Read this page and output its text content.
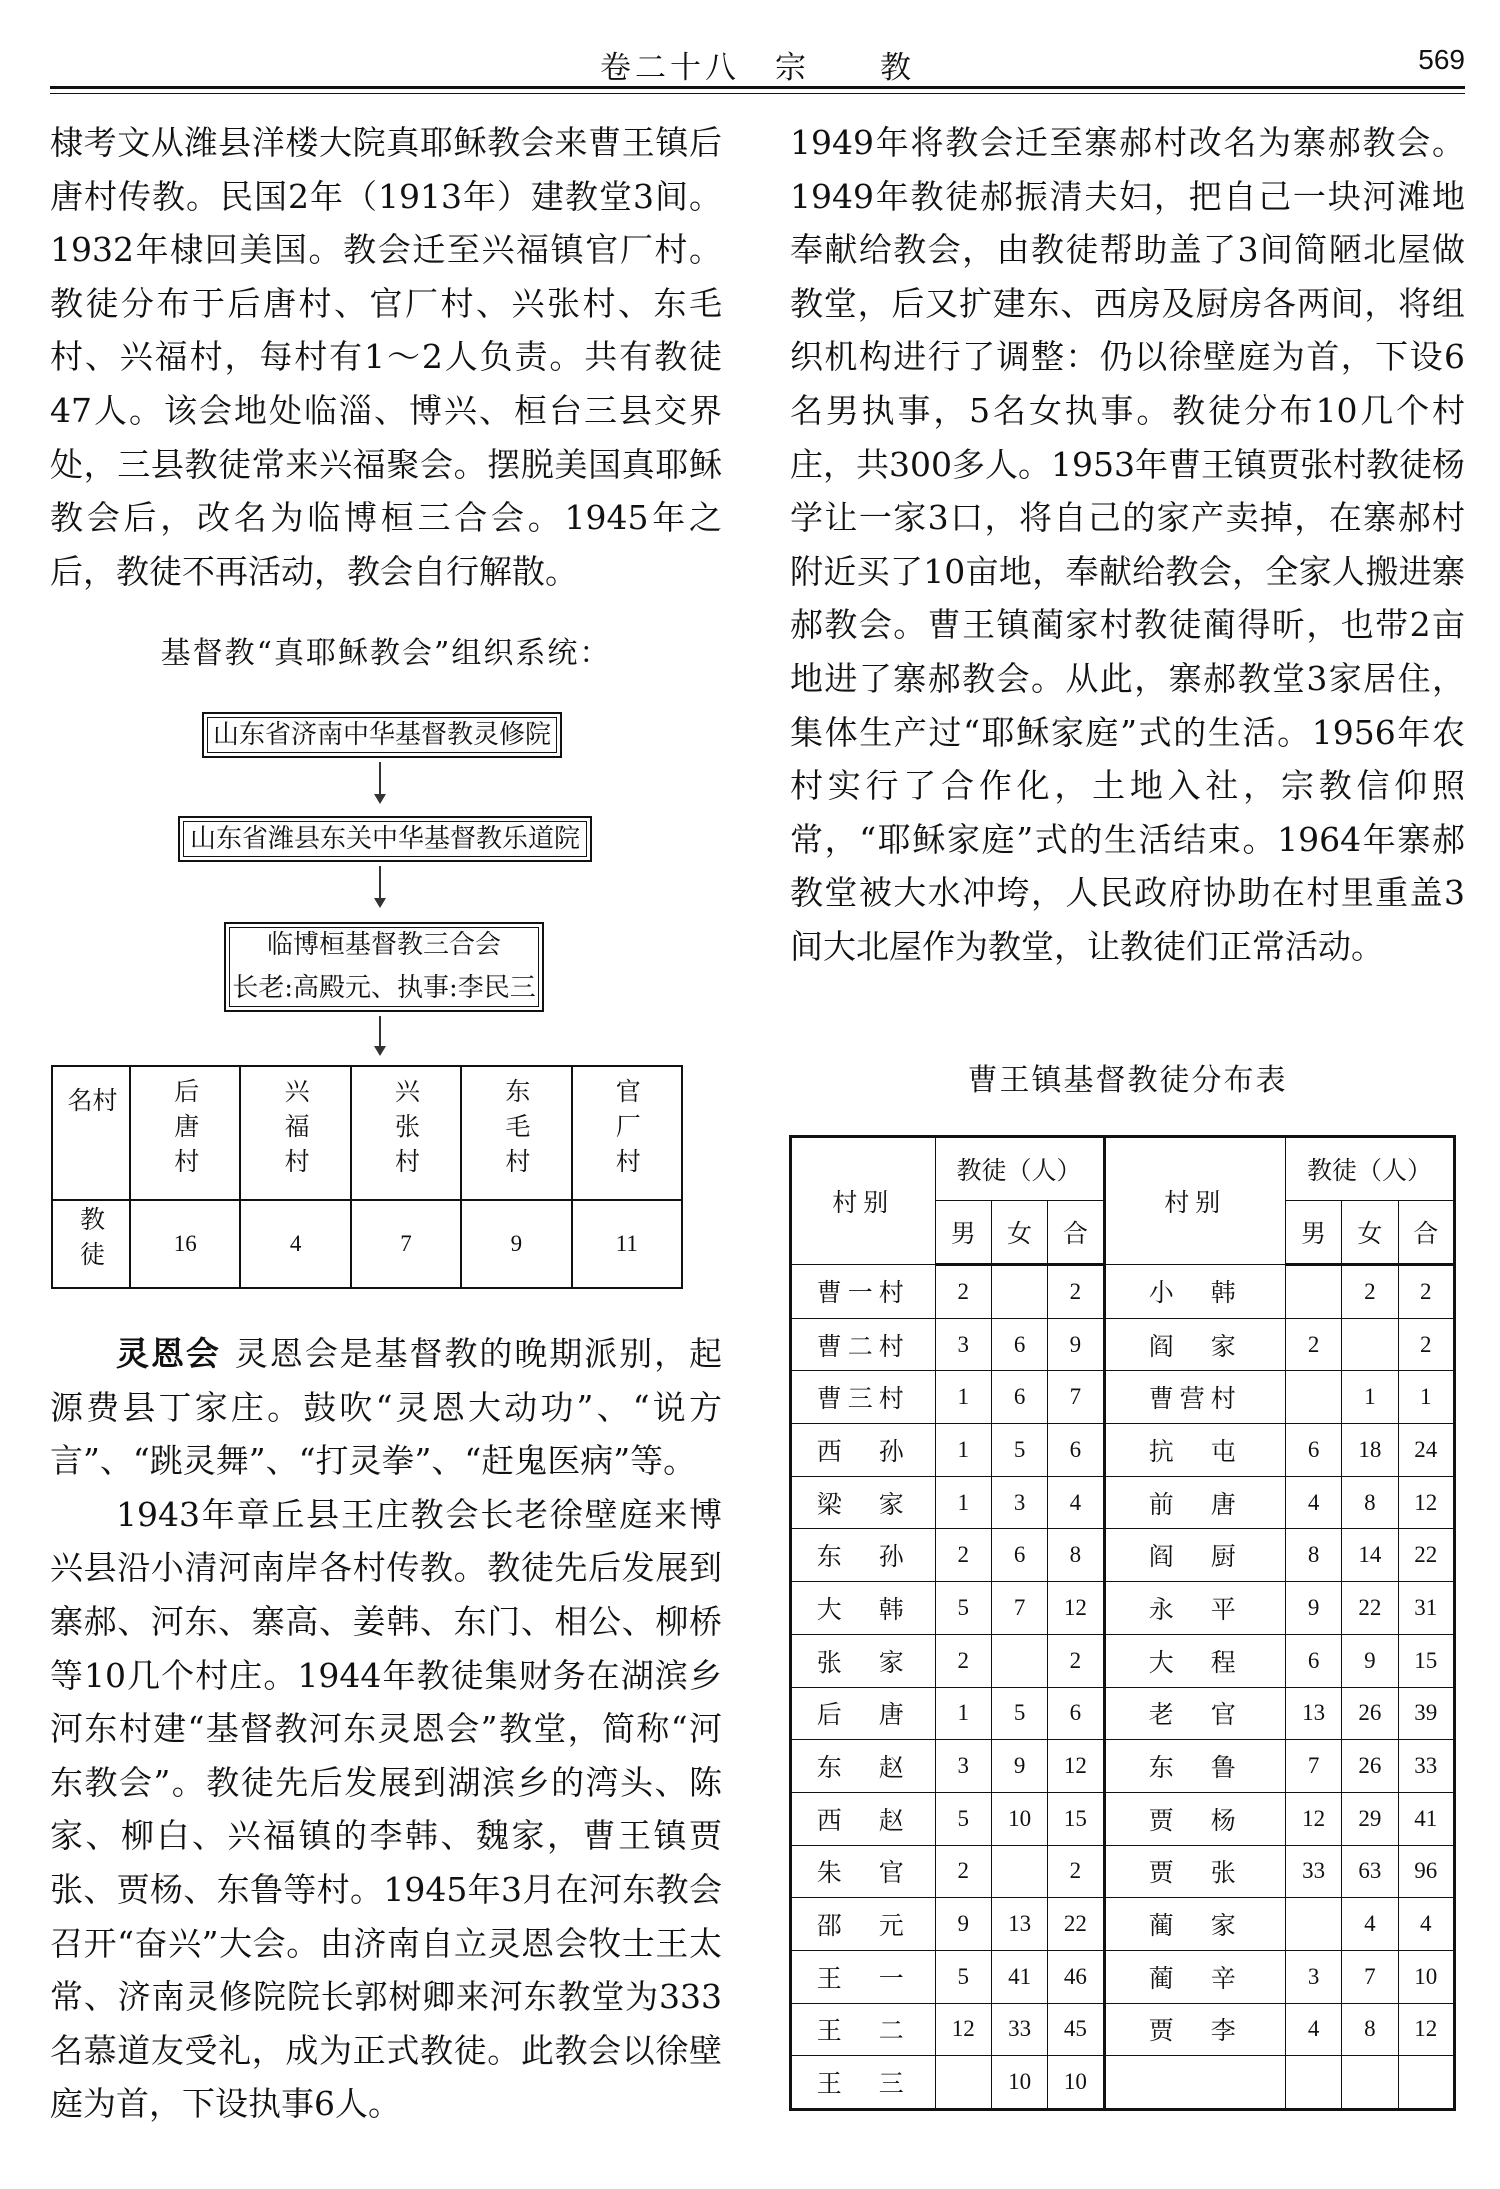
卷二十八　宗　　教	569

棣考文从潍县洋楼大院真耶稣教会来曹王镇后唐村传教。民国2年（1913年）建教堂3间。1932年棣回美国。教会迁至兴福镇官厂村。教徒分布于后唐村、官厂村、兴张村、东毛村、兴福村，每村有1～2人负责。共有教徒47人。该会地处临淄、博兴、桓台三县交界处，三县教徒常来兴福聚会。摆脱美国真耶稣教会后，改名为临博桓三合会。1945年之后，教徒不再活动，教会自行解散。

基督教“真耶稣教会”组织系统：
山东省济南中华基督教灵修院
山东省潍县东关中华基督教乐道院
临博桓基督教三合会
长老:高殿元、执事:李民三
村名	后唐村	兴福村	兴张村	东毛村	官厂村
教徒	16	4	7	9	11

灵恩会 灵恩会是基督教的晚期派别，起源费县丁家庄。鼓吹“灵恩大动功”、“说方言”、“跳灵舞”、“打灵拳”、“赶鬼医病”等。

1943年章丘县王庄教会长老徐壁庭来博兴县沿小清河南岸各村传教。教徒先后发展到寨郝、河东、寨高、姜韩、东门、相公、柳桥等10几个村庄。1944年教徒集财务在湖滨乡河东村建“基督教河东灵恩会”教堂，简称“河东教会”。教徒先后发展到湖滨乡的湾头、陈家、柳白、兴福镇的李韩、魏家，曹王镇贾张、贾杨、东鲁等村。1945年3月在河东教会召开“奋兴”大会。由济南自立灵恩会牧士王太常、济南灵修院院长郭树卿来河东教堂为333名慕道友受礼，成为正式教徒。此教会以徐壁庭为首，下设执事6人。

1949年将教会迁至寨郝村改名为寨郝教会。1949年教徒郝振清夫妇，把自己一块河滩地奉献给教会，由教徒帮助盖了3间简陋北屋做教堂，后又扩建东、西房及厨房各两间，将组织机构进行了调整：仍以徐壁庭为首，下设6名男执事，5名女执事。教徒分布10几个村庄，共300多人。1953年曹王镇贾张村教徒杨学让一家3口，将自己的家产卖掉，在寨郝村附近买了10亩地，奉献给教会，全家人搬进寨郝教会。曹王镇蔺家村教徒蔺得昕，也带2亩地进了寨郝教会。从此，寨郝教堂3家居住，集体生产过“耶稣家庭”式的生活。1956年农村实行了合作化，土地入社，宗教信仰照常，“耶稣家庭”式的生活结束。1964年寨郝教堂被大水冲垮，人民政府协助在村里重盖3间大北屋作为教堂，让教徒们正常活动。

曹王镇基督教徒分布表
村别	教徒（人）			村别	教徒（人）		
	男	女	合		男	女	合
曹一村	2		2	小　韩		2	2
曹二村	3	6	9	阎　家	2		2
曹三村	1	6	7	曹营村		1	1
西　孙	1	5	6	抗　屯	6	18	24
梁　家	1	3	4	前　唐	4	8	12
东　孙	2	6	8	阎　厨	8	14	22
大　韩	5	7	12	永　平	9	22	31
张　家	2		2	大　程	6	9	15
后　唐	1	5	6	老　官	13	26	39
东　赵	3	9	12	东　鲁	7	26	33
西　赵	5	10	15	贾　杨	12	29	41
朱　官	2		2	贾　张	33	63	96
邵　元	9	13	22	蔺　家		4	4
王　一	5	41	46	蔺　辛	3	7	10
王　二	12	33	45	贾　李	4	8	12
王　三		10	10				
